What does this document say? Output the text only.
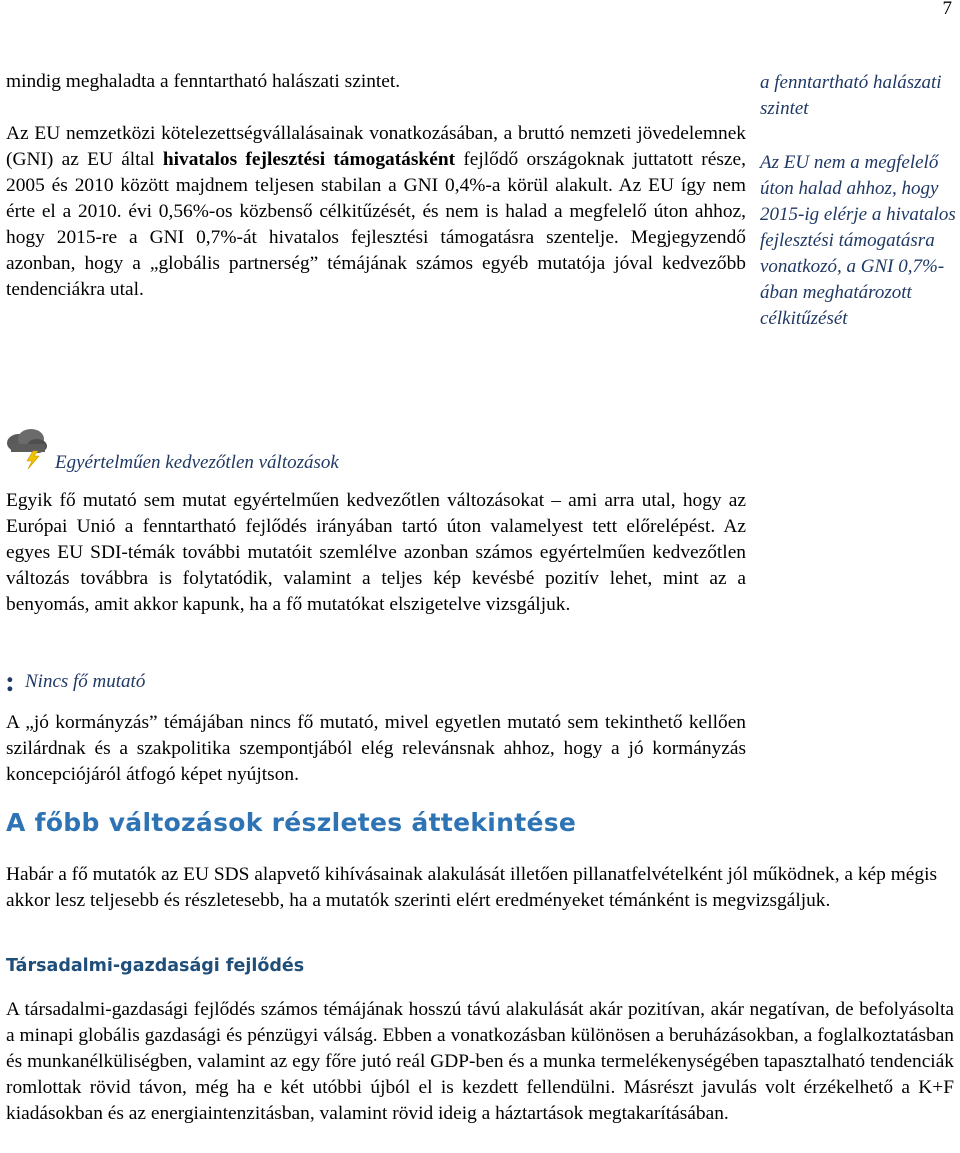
7

mindig meghaladta a fenntartható halászati szintet.

Az EU nemzetközi kötelezettségvállalásainak vonatkozásában, a bruttó nemzeti jövedelemnek (GNI) az EU által hivatalos fejlesztési támogatásként fejlődő országoknak juttatott része, 2005 és 2010 között majdnem teljesen stabilan a GNI 0,4%-a körül alakult. Az EU így nem érte el a 2010. évi 0,56%-os közbenső célkitűzését, és nem is halad a megfelelő úton ahhoz, hogy 2015-re a GNI 0,7%-át hivatalos fejlesztési támogatásra szentelje. Megjegyzendő azonban, hogy a „globális partnerség” témájának számos egyéb mutatója jóval kedvezőbb tendenciákra utal.

a fenntartható halászati szintet

Az EU nem a megfelelő úton halad ahhoz, hogy 2015-ig elérje a hivatalos fejlesztési támogatásra vonatkozó, a GNI 0,7%-ában meghatározott célkitűzését

Egyértelműen kedvezőtlen változások

Egyik fő mutató sem mutat egyértelműen kedvezőtlen változásokat ‒ ami arra utal, hogy az Európai Unió a fenntartható fejlődés irányában tartó úton valamelyest tett előrelépést. Az egyes EU SDI-témák további mutatóit szemlélve azonban számos egyértelműen kedvezőtlen változás továbbra is folytatódik, valamint a teljes kép kevésbé pozitív lehet, mint az a benyomás, amit akkor kapunk, ha a fő mutatókat elszigetelve vizsgáljuk.

: Nincs fő mutató

A „jó kormányzás” témájában nincs fő mutató, mivel egyetlen mutató sem tekinthető kellően szilárdnak és a szakpolitika szempontjából elég relevánsnak ahhoz, hogy a jó kormányzás koncepciójáról átfogó képet nyújtson.

A főbb változások részletes áttekintése

Habár a fő mutatók az EU SDS alapvető kihívásainak alakulását illetően pillanatfelvételként jól működnek, a kép mégis akkor lesz teljesebb és részletesebb, ha a mutatók szerinti elért eredményeket témánként is megvizsgáljuk.

Társadalmi-gazdasági fejlődés

A társadalmi-gazdasági fejlődés számos témájának hosszú távú alakulását akár pozitívan, akár negatívan, de befolyásolta a minapi globális gazdasági és pénzügyi válság. Ebben a vonatkozásban különösen a beruházásokban, a foglalkoztatásban és munkanélküliségben, valamint az egy főre jutó reál GDP-ben és a munka termelékenységében tapasztalható tendenciák romlottak rövid távon, még ha e két utóbbi újból el is kezdett fellendülni. Másrészt javulás volt érzékelhető a K+F kiadásokban és az energiaintenzitásban, valamint rövid ideig a háztartások megtakarításában.
